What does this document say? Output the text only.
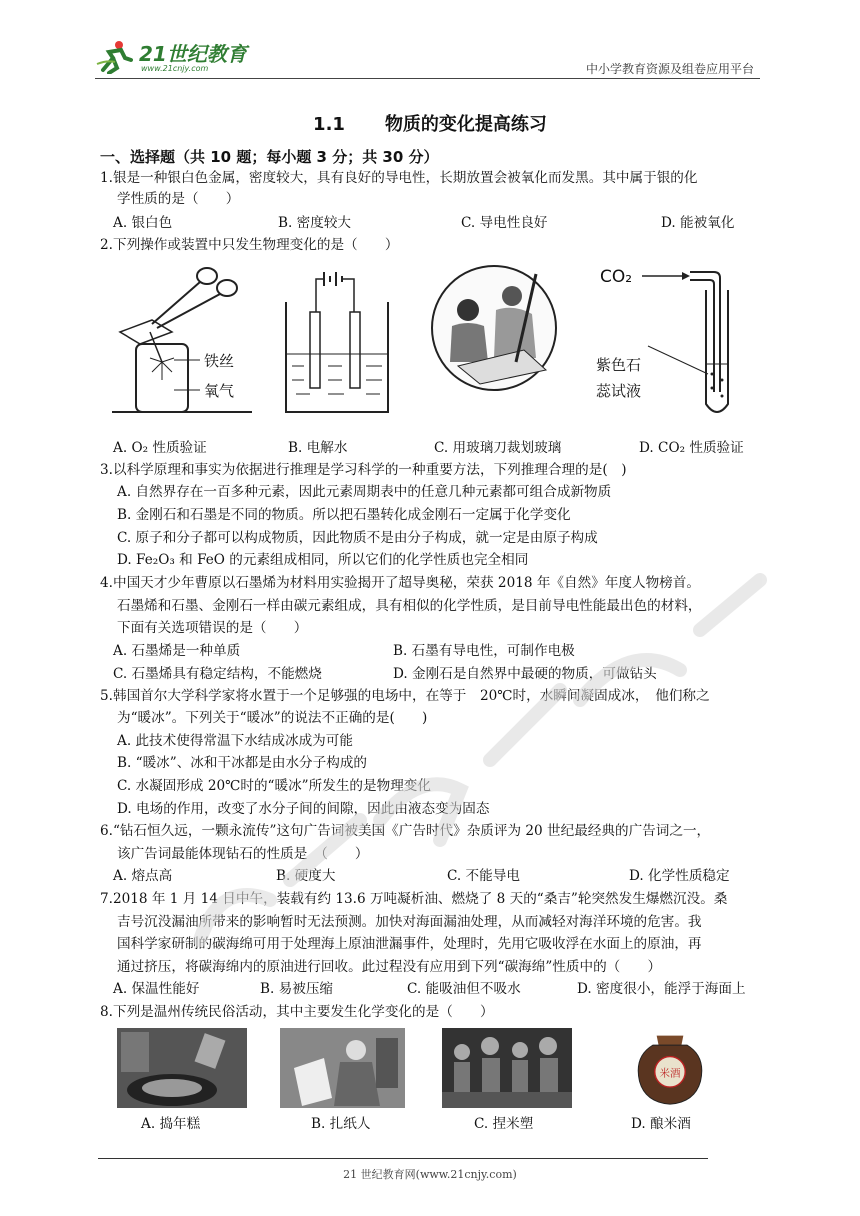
21世纪教育
www.21cnjy.com	中小学教育资源及组卷应用平台
1.1 物质的变化提高练习
一、选择题（共 10 题；每小题 3 分；共 30 分）
1.银是一种银白色金属，密度较大，具有良好的导电性，长期放置会被氧化而发黑。其中属于银的化
学性质的是（　　）
A. 银白色	B. 密度较大	C. 导电性良好	D. 能被氧化
2.下列操作或装置中只发生物理变化的是（　　）
铁丝
氧气
CO₂
紫色石
蕊试液
A. O₂ 性质验证	B. 电解水	C. 用玻璃刀裁划玻璃	D. CO₂ 性质验证
3.以科学原理和事实为依据进行推理是学习科学的一种重要方法，下列推理合理的是(　)
A. 自然界存在一百多种元素，因此元素周期表中的任意几种元素都可组合成新物质
B. 金刚石和石墨是不同的物质。所以把石墨转化成金刚石一定属于化学变化
C. 原子和分子都可以构成物质，因此物质不是由分子构成，就一定是由原子构成
D. Fe₂O₃ 和 FeO 的元素组成相同，所以它们的化学性质也完全相同
4.中国天才少年曹原以石墨烯为材料用实验揭开了超导奥秘，荣获 2018 年《自然》年度人物榜首。
石墨烯和石墨、金刚石一样由碳元素组成，具有相似的化学性质，是目前导电性能最出色的材料，
下面有关选项错误的是（　　）
A. 石墨烯是一种单质	B. 石墨有导电性，可制作电极
C. 石墨烯具有稳定结构，不能燃烧	D. 金刚石是自然界中最硬的物质，可做钻头
5.韩国首尔大学科学家将水置于一个足够强的电场中，在等于　20℃时，水瞬间凝固成冰，　他们称之
为“暖冰”。下列关于“暖冰”的说法不正确的是(　　)
A. 此技术使得常温下水结成冰成为可能
B. “暖冰”、冰和干冰都是由水分子构成的
C. 水凝固形成 20℃时的“暖冰”所发生的是物理变化
D. 电场的作用，改变了水分子间的间隙，因此由液态变为固态
6.“钻石恒久远，一颗永流传”这句广告词被美国《广告时代》杂质评为 20 世纪最经典的广告词之一，
该广告词最能体现钻石的性质是　（　　）
A. 熔点高	B. 硬度大	C. 不能导电	D. 化学性质稳定
7.2018 年 1 月 14 日中午，装载有约 13.6 万吨凝析油、燃烧了 8 天的“桑吉”轮突然发生爆燃沉没。桑
吉号沉没漏油所带来的影响暂时无法预测。加快对海面漏油处理，从而减轻对海洋环境的危害。我
国科学家研制的碳海绵可用于处理海上原油泄漏事件，处理时，先用它吸收浮在水面上的原油，再
通过挤压，将碳海绵内的原油进行回收。此过程没有应用到下列“碳海绵”性质中的（　　）
A. 保温性能好	B. 易被压缩	C. 能吸油但不吸水	D. 密度很小，能浮于海面上
8.下列是温州传统民俗活动，其中主要发生化学变化的是（　　）
米酒
A. 捣年糕	B. 扎纸人	C. 捏米塑	D. 酿米酒
21 世纪教育网(www.21cnjy.com)
